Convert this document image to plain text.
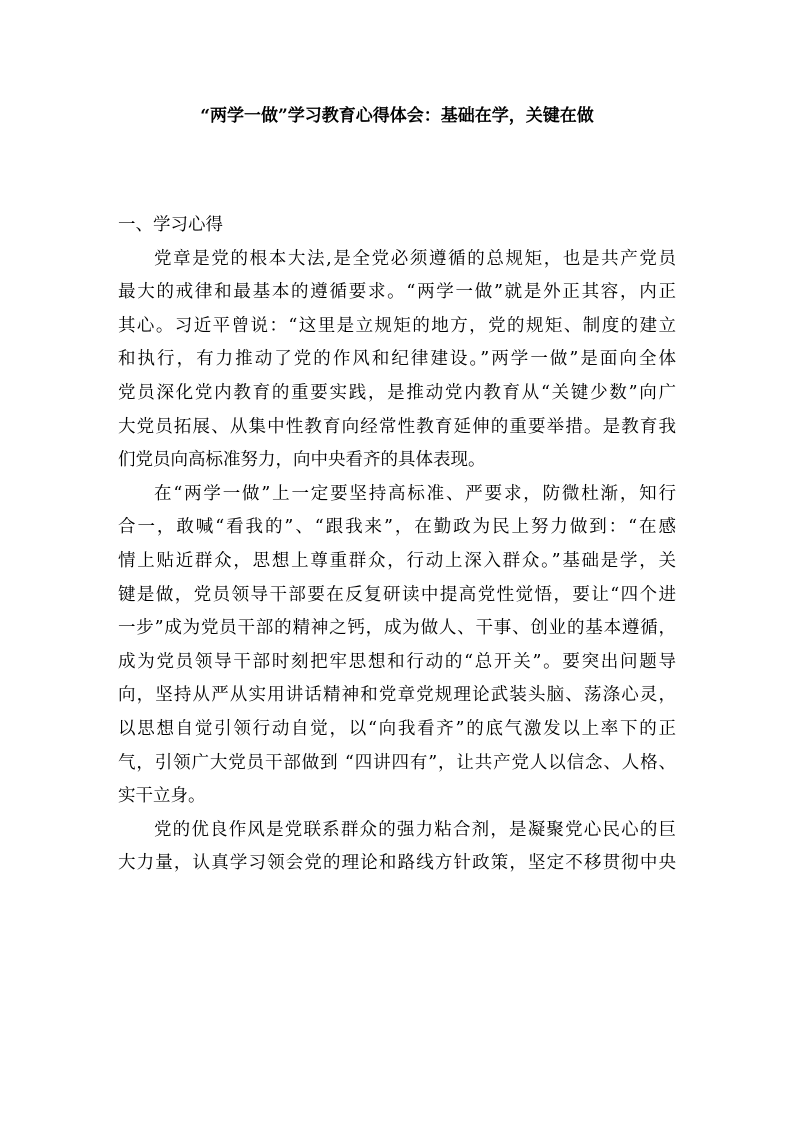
“两学一做”学习教育心得体会：基础在学，关键在做
一、学习心得
党章是党的根本大法,是全党必须遵循的总规矩，也是共产党员
最大的戒律和最基本的遵循要求。“两学一做”就是外正其容，内正
其心。习近平曾说：“这里是立规矩的地方，党的规矩、制度的建立
和执行，有力推动了党的作风和纪律建设。”两学一做”是面向全体
党员深化党内教育的重要实践，是推动党内教育从“关键少数”向广
大党员拓展、从集中性教育向经常性教育延伸的重要举措。是教育我
们党员向高标准努力，向中央看齐的具体表现。
在“两学一做”上一定要坚持高标准、严要求，防微杜渐，知行
合一，敢喊“看我的”、“跟我来”，在勤政为民上努力做到：“在感
情上贴近群众，思想上尊重群众，行动上深入群众。”基础是学，关
键是做，党员领导干部要在反复研读中提高党性觉悟，要让“四个进
一步”成为党员干部的精神之钙，成为做人、干事、创业的基本遵循，
成为党员领导干部时刻把牢思想和行动的“总开关”。要突出问题导
向，坚持从严从实用讲话精神和党章党规理论武装头脑、荡涤心灵，
以思想自觉引领行动自觉，以“向我看齐”的底气激发以上率下的正
气，引领广大党员干部做到 “四讲四有”，让共产党人以信念、人格、
实干立身。
党的优良作风是党联系群众的强力粘合剂，是凝聚党心民心的巨
大力量，认真学习领会党的理论和路线方针政策，坚定不移贯彻中央
